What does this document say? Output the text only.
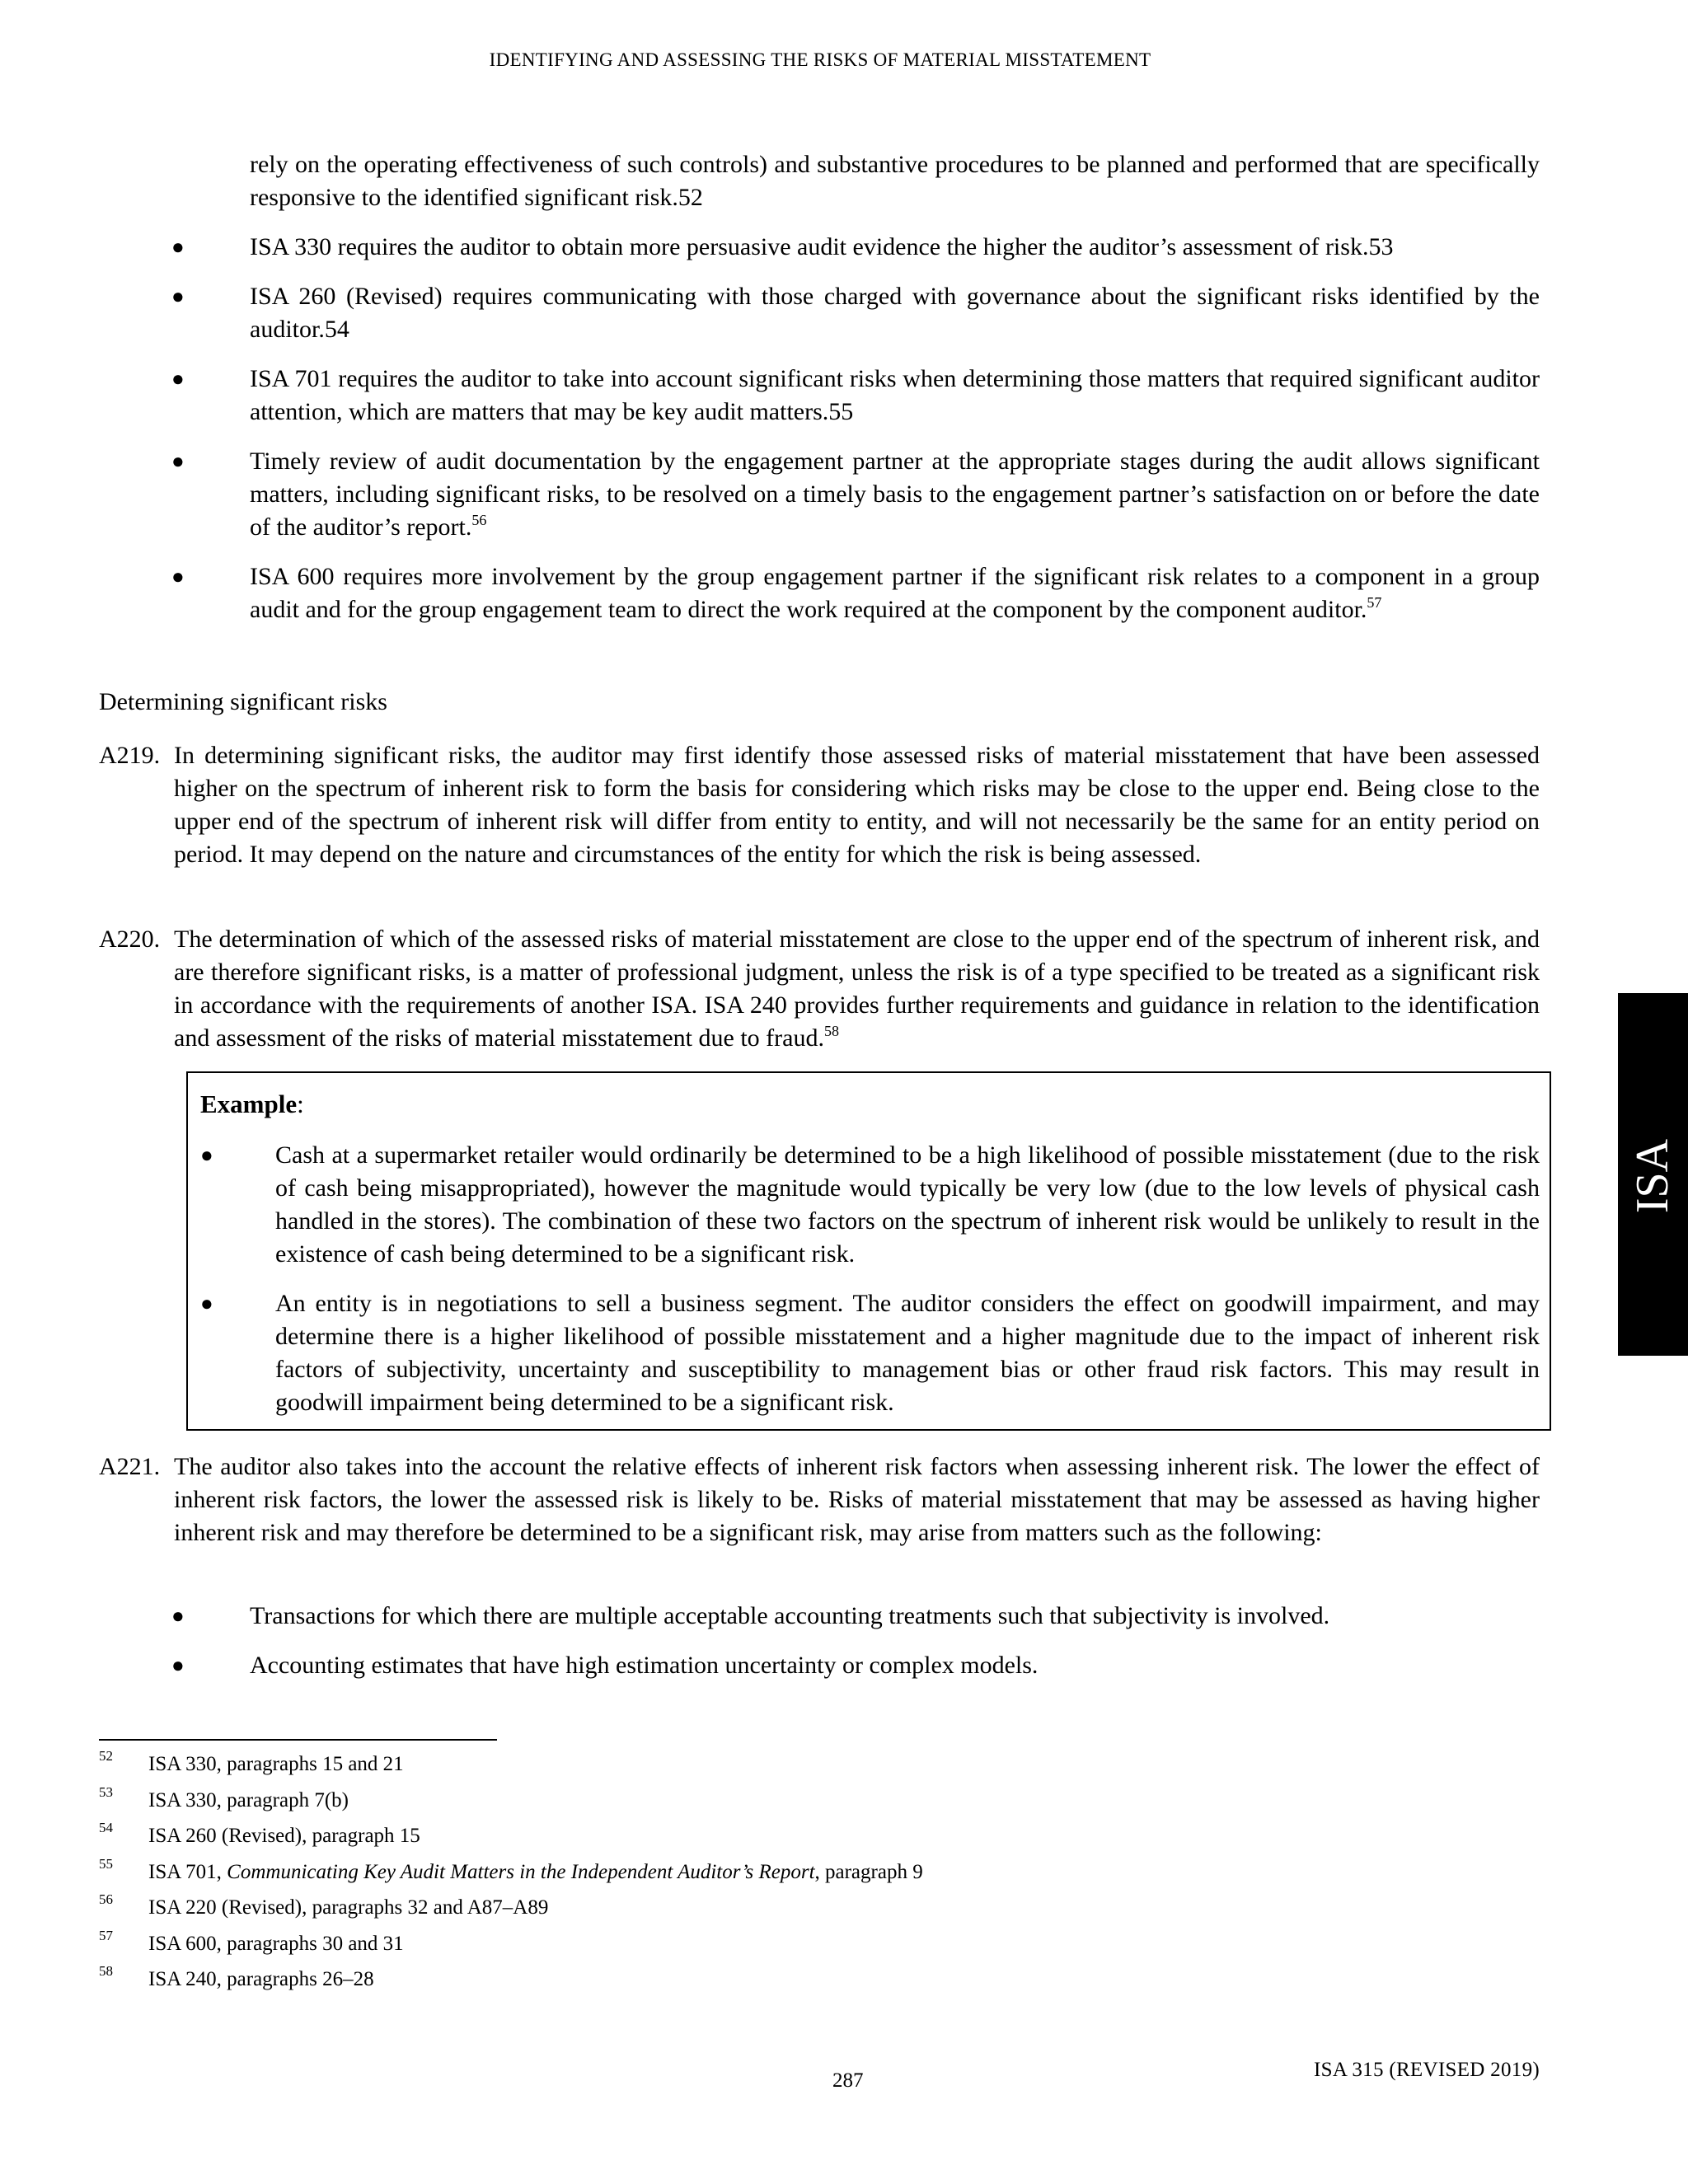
IDENTIFYING AND ASSESSING THE RISKS OF MATERIAL MISSTATEMENT
ISA
rely on the operating effectiveness of such controls) and substantive procedures to be planned and performed that are specifically responsive to the identified significant risk.52
●	ISA 330 requires the auditor to obtain more persuasive audit evidence the higher the auditor’s assessment of risk.53
●	ISA 260 (Revised) requires communicating with those charged with governance about the significant risks identified by the auditor.54
●	ISA 701 requires the auditor to take into account significant risks when determining those matters that required significant auditor attention, which are matters that may be key audit matters.55
●	Timely review of audit documentation by the engagement partner at the appropriate stages during the audit allows significant matters, including significant risks, to be resolved on a timely basis to the engagement partner’s satisfaction on or before the date of the auditor’s report.$^{56}$
●	ISA 600 requires more involvement by the group engagement partner if the significant risk relates to a component in a group audit and for the group engagement team to direct the work required at the component by the component auditor.$^{57}$
Determining significant risks
A219. In determining significant risks, the auditor may first identify those assessed risks of material misstatement that have been assessed higher on the spectrum of inherent risk to form the basis for considering which risks may be close to the upper end. Being close to the upper end of the spectrum of inherent risk will differ from entity to entity, and will not necessarily be the same for an entity period on period. It may depend on the nature and circumstances of the entity for which the risk is being assessed.
A220. The determination of which of the assessed risks of material misstatement are close to the upper end of the spectrum of inherent risk, and are therefore significant risks, is a matter of professional judgment, unless the risk is of a type specified to be treated as a significant risk in accordance with the requirements of another ISA. ISA 240 provides further requirements and guidance in relation to the identification and assessment of the risks of material misstatement due to fraud.$^{58}$
Example:
●	Cash at a supermarket retailer would ordinarily be determined to be a high likelihood of possible misstatement (due to the risk of cash being misappropriated), however the magnitude would typically be very low (due to the low levels of physical cash handled in the stores). The combination of these two factors on the spectrum of inherent risk would be unlikely to result in the existence of cash being determined to be a significant risk.
●	An entity is in negotiations to sell a business segment. The auditor considers the effect on goodwill impairment, and may determine there is a higher likelihood of possible misstatement and a higher magnitude due to the impact of inherent risk factors of subjectivity, uncertainty and susceptibility to management bias or other fraud risk factors. This may result in goodwill impairment being determined to be a significant risk.
A221. The auditor also takes into the account the relative effects of inherent risk factors when assessing inherent risk. The lower the effect of inherent risk factors, the lower the assessed risk is likely to be. Risks of material misstatement that may be assessed as having higher inherent risk and may therefore be determined to be a significant risk, may arise from matters such as the following:
●	Transactions for which there are multiple acceptable accounting treatments such that subjectivity is involved.
●	Accounting estimates that have high estimation uncertainty or complex models.
52 ISA 330, paragraphs 15 and 21
53 ISA 330, paragraph 7(b)
54 ISA 260 (Revised), paragraph 15
55 ISA 701, Communicating Key Audit Matters in the Independent Auditor’s Report, paragraph 9
56 ISA 220 (Revised), paragraphs 32 and A87–A89
57 ISA 600, paragraphs 30 and 31
58 ISA 240, paragraphs 26–28
287	ISA 315 (REVISED 2019)
